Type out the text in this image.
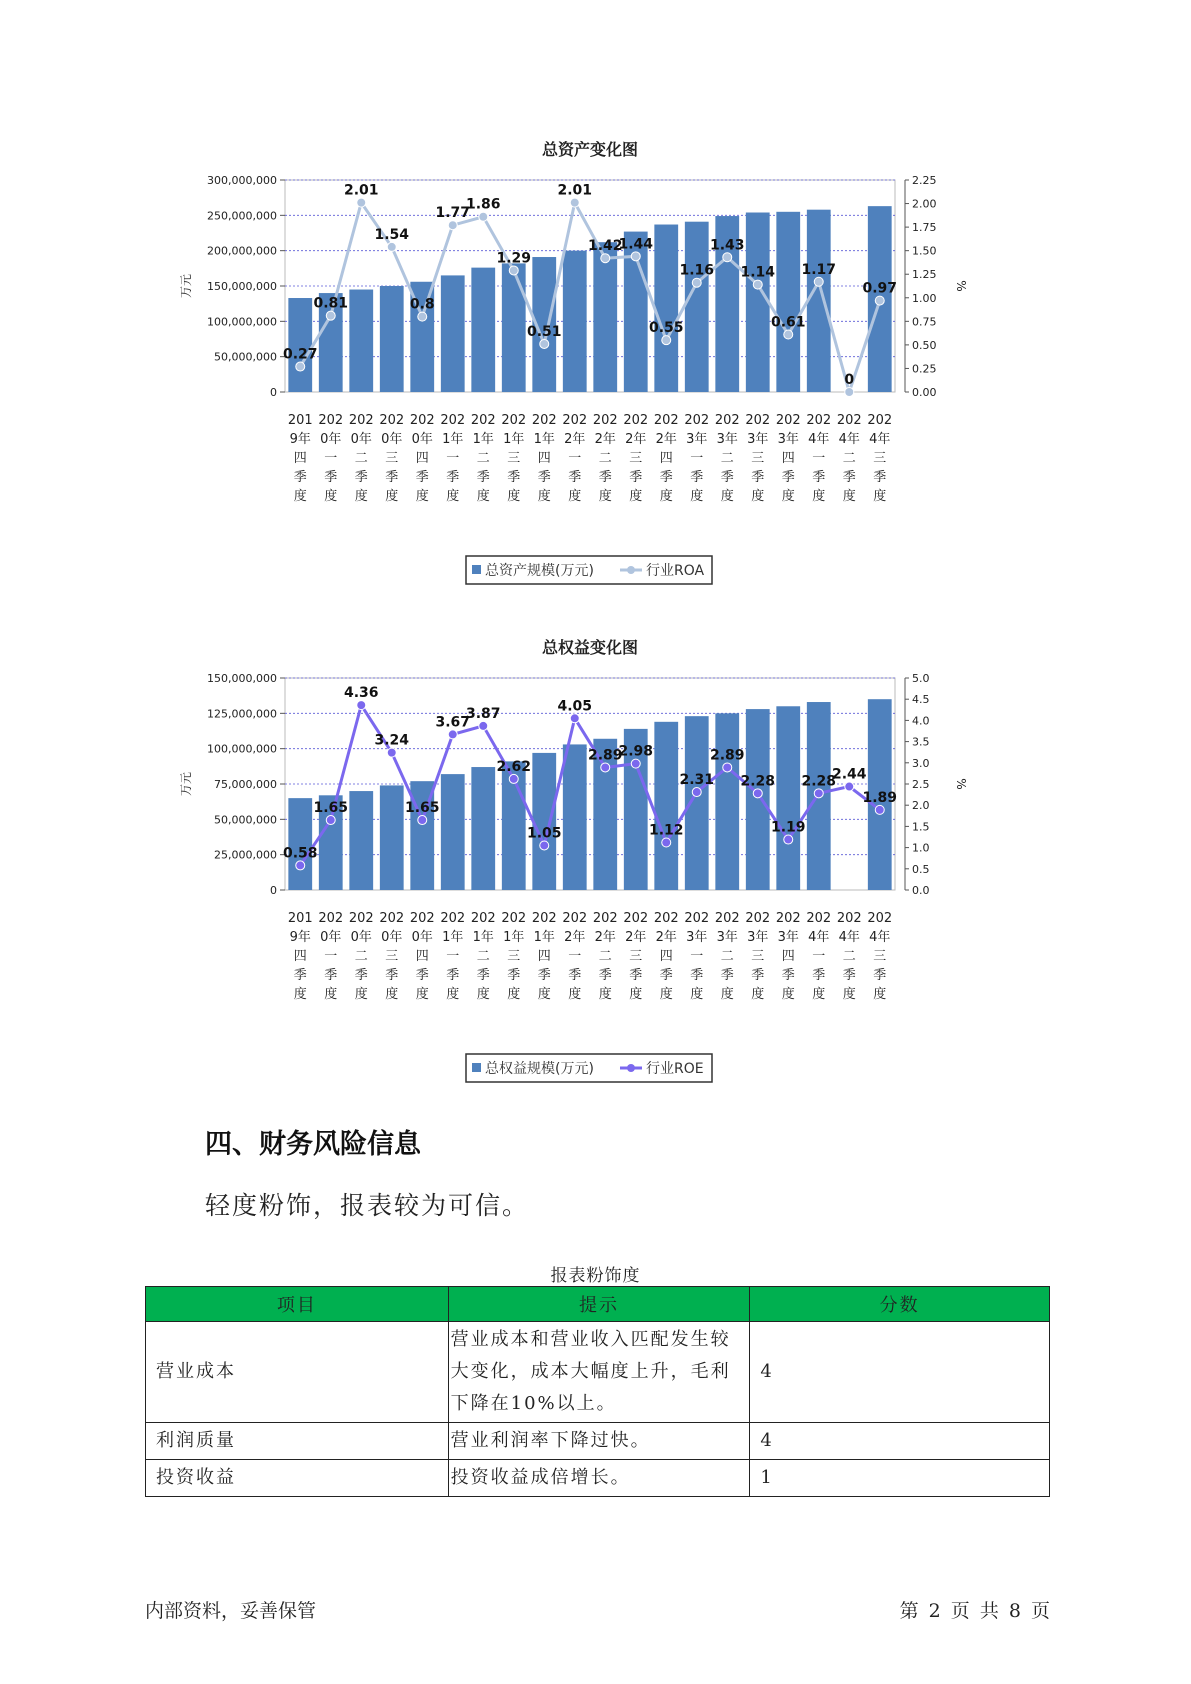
总资产变化图
0
50,000,000
100,000,000
150,000,000
200,000,000
250,000,000
300,000,000
0.00
0.25
0.50
0.75
1.00
1.25
1.50
1.75
2.00
2.25
万元	%
0.27
0.81
2.01
1.54
0.8
1.77
1.86
1.29
0.51
2.01
1.42
1.44
0.55
1.16
1.43
1.14
0.61
1.17
0
0.97
201
9年
四
季
度
202
0年
一
季
度
202
0年
二
季
度
202
0年
三
季
度
202
0年
四
季
度
202
1年
一
季
度
202
1年
二
季
度
202
1年
三
季
度
202
1年
四
季
度
202
2年
一
季
度
202
2年
二
季
度
202
2年
三
季
度
202
2年
四
季
度
202
3年
一
季
度
202
3年
二
季
度
202
3年
三
季
度
202
3年
四
季
度
202
4年
一
季
度
202
4年
二
季
度
202
4年
三
季
度
总资产规模(万元)	行业ROA
总权益变化图
0
25,000,000
50,000,000
75,000,000
100,000,000
125,000,000
150,000,000
0.0
0.5
1.0
1.5
2.0
2.5
3.0
3.5
4.0
4.5
5.0
万元	%
0.58
1.65
4.36
3.24
1.65
3.67
3.87
2.62
1.05
4.05
2.89
2.98
1.12
2.31
2.89
2.28
1.19
2.28
2.44
1.89
201
9年
四
季
度
202
0年
一
季
度
202
0年
二
季
度
202
0年
三
季
度
202
0年
四
季
度
202
1年
一
季
度
202
1年
二
季
度
202
1年
三
季
度
202
1年
四
季
度
202
2年
一
季
度
202
2年
二
季
度
202
2年
三
季
度
202
2年
四
季
度
202
3年
一
季
度
202
3年
二
季
度
202
3年
三
季
度
202
3年
四
季
度
202
4年
一
季
度
202
4年
二
季
度
202
4年
三
季
度
总权益规模(万元)	行业ROE
四、财务风险信息

轻度粉饰，报表较为可信。

报表粉饰度
项目	提示	分数
营业成本	营业成本和营业收入匹配发生较大变化，成本大幅度上升，毛利下降在10%以上。	4
利润质量	营业利润率下降过快。	4
投资收益	投资收益成倍增长。	1
内部资料，妥善保管	第 2 页 共 8 页
